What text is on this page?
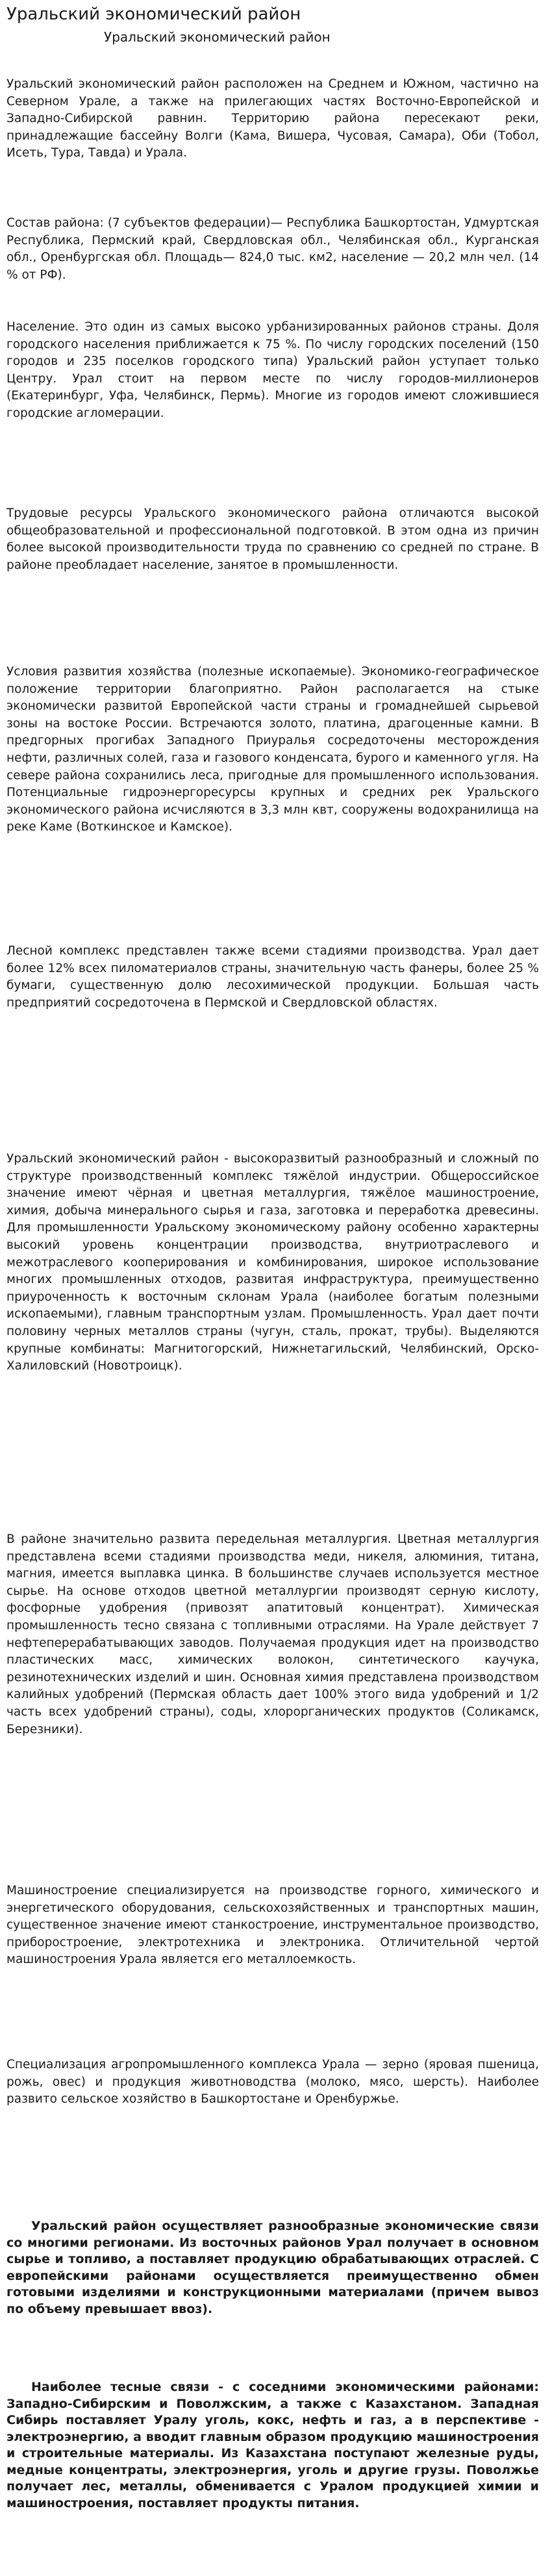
Уральский экономический район
Уральский экономический район

Уральский экономический район расположен на Среднем и Южном, частично на Северном Урале, а также на прилегающих частях Восточно-Европейской и Западно-Сибирской равнин. Территорию района пересекают реки, принадлежащие бассейну Волги (Кама, Вишера, Чусовая, Самара), Оби (Тобол, Исеть, Тура, Тавда) и Урала.

Состав района: (7 субъектов федерации)— Республика Башкортостан, Удмуртская Республика, Пермский край, Свердловская обл., Челябинская обл., Курганская обл., Оренбургская обл. Площадь— 824,0 тыс. км2, население — 20,2 млн чел. (14 % от РФ).

Население. Это один из самых высоко урбанизированных районов страны. Доля городского населения приближается к 75 %. По числу городских поселений (150 городов и 235 поселков городского типа) Уральский район уступает только Центру. Урал стоит на первом месте по числу городов-миллионеров (Екатеринбург, Уфа, Челябинск, Пермь). Многие из городов имеют сложившиеся городские агломерации.

Трудовые ресурсы Уральского экономического района отличаются высокой общеобразовательной и профессиональной подготовкой. В этом одна из причин более высокой производительности труда по сравнению со средней по стране. В районе преобладает население, занятое в промышленности.

Условия развития хозяйства (полезные ископаемые). Экономико-географическое положение территории благоприятно. Район располагается на стыке экономически развитой Европейской части страны и громаднейшей сырьевой зоны на востоке России. Встречаются золото, платина, драгоценные камни. В предгорных прогибах Западного Приуралья сосредоточены месторождения нефти, различных солей, газа и газового конденсата, бурого и каменного угля. На севере района сохранились леса, пригодные для промышленного использования. Потенциальные гидроэнергоресурсы крупных и средних рек Уральского экономического района исчисляются в 3,3 млн квт, сооружены водохранилища на реке Каме (Воткинское и Камское).

Лесной комплекс представлен также всеми стадиями производства. Урал дает более 12% всех пиломатериалов страны, значительную часть фанеры, более 25 % бумаги, существенную долю лесохимической продукции. Большая часть предприятий сосредоточена в Пермской и Свердловской областях.

Уральский экономический район - высокоразвитый разнообразный и сложный по структуре производственный комплекс тяжёлой индустрии. Общероссийское значение имеют чёрная и цветная металлургия, тяжёлое машиностроение, химия, добыча минерального сырья и газа, заготовка и переработка древесины. Для промышленности Уральскому экономическому району особенно характерны высокий уровень концентрации производства, внутриотраслевого и межотраслевого кооперирования и комбинирования, широкое использование многих промышленных отходов, развитая инфраструктура, преимущественно приуроченность к восточным склонам Урала (наиболее богатым полезными ископаемыми), главным транспортным узлам. Промышленность. Урал дает почти половину черных металлов страны (чугун, сталь, прокат, трубы). Выделяются крупные комбинаты: Магнитогорский, Нижнетагильский, Челябинский, Орско-Халиловский (Новотроицк).

В районе значительно развита передельная металлургия. Цветная металлургия представлена всеми стадиями производства меди, никеля, алюминия, титана, магния, имеется выплавка цинка. В большинстве случаев используется местное сырье. На основе отходов цветной металлургии производят серную кислоту, фосфорные удобрения (привозят апатитовый концентрат). Химическая промышленность тесно связана с топливными отраслями. На Урале действует 7 нефтеперерабатывающих заводов. Получаемая продукция идет на производство пластических масс, химических волокон, синтетического каучука, резинотехнических изделий и шин. Основная химия представлена производством калийных удобрений (Пермская область дает 100% этого вида удобрений и 1/2 часть всех удобрений страны), соды, хлорорганических продуктов (Соликамск, Березники).

Машиностроение специализируется на производстве горного, химического и энергетического оборудования, сельскохозяйственных и транспортных машин, существенное значение имеют станкостроение, инструментальное производство, приборостроение, электротехника и электроника. Отличительной чертой машиностроения Урала является его металлоемкость.

Специализация агропромышленного комплекса Урала — зерно (яровая пшеница, рожь, овес) и продукция животноводства (молоко, мясо, шерсть). Наиболее развито сельское хозяйство в Башкортостане и Оренбуржье.

Уральский район осуществляет разнообразные экономические связи со многими регионами. Из восточных районов Урал получает в основном сырье и топливо, а поставляет продукцию обрабатывающих отраслей. С европейскими районами осуществляется преимущественно обмен готовыми изделиями и конструкционными материалами (причем вывоз по объему превышает ввоз).

Наиболее тесные связи - с соседними экономическими районами: Западно-Сибирским и Поволжским, а также с Казахстаном. Западная Сибирь поставляет Уралу уголь, кокс, нефть и газ, а в перспективе - электроэнергию, а вводит главным образом продукцию машиностроения и строительные материалы. Из Казахстана поступают железные руды, медные концентраты, электроэнергия, уголь и другие грузы. Поволжье получает лес, металлы, обменивается с Уралом продукцией химии и машиностроения, поставляет продукты питания.
